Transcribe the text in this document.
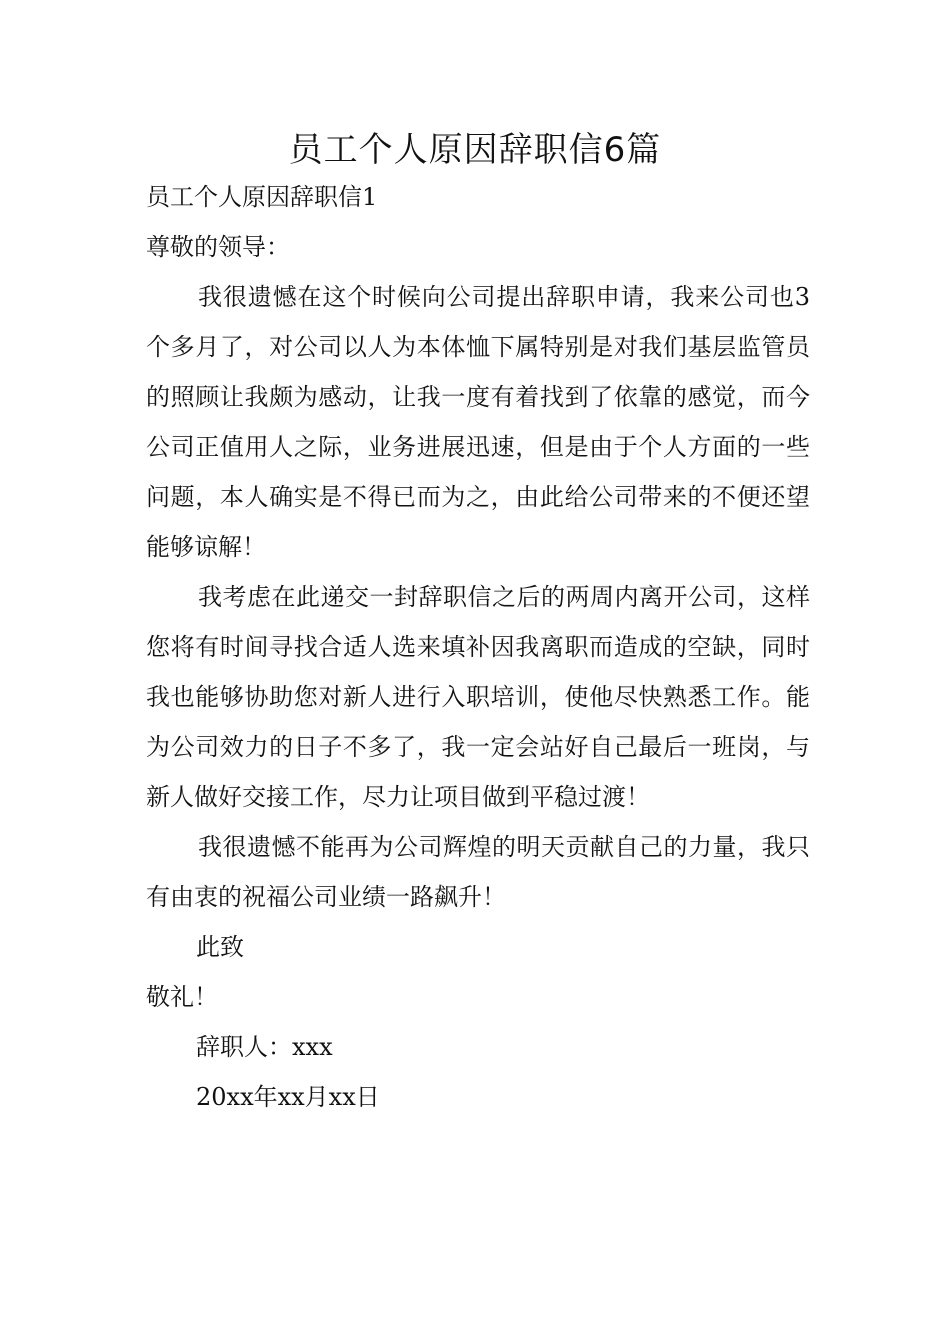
员工个人原因辞职信6篇

员工个人原因辞职信1

尊敬的领导：

我很遗憾在这个时候向公司提出辞职申请，我来公司也3个多月了，对公司以人为本体恤下属特别是对我们基层监管员的照顾让我颇为感动，让我一度有着找到了依靠的感觉，而今公司正值用人之际，业务进展迅速，但是由于个人方面的一些问题，本人确实是不得已而为之，由此给公司带来的不便还望能够谅解！

我考虑在此递交一封辞职信之后的两周内离开公司，这样您将有时间寻找合适人选来填补因我离职而造成的空缺，同时我也能够协助您对新人进行入职培训，使他尽快熟悉工作。能为公司效力的日子不多了，我一定会站好自己最后一班岗，与新人做好交接工作，尽力让项目做到平稳过渡！

我很遗憾不能再为公司辉煌的明天贡献自己的力量，我只有由衷的祝福公司业绩一路飙升！

此致

敬礼！

辞职人：xxx

20xx年xx月xx日
